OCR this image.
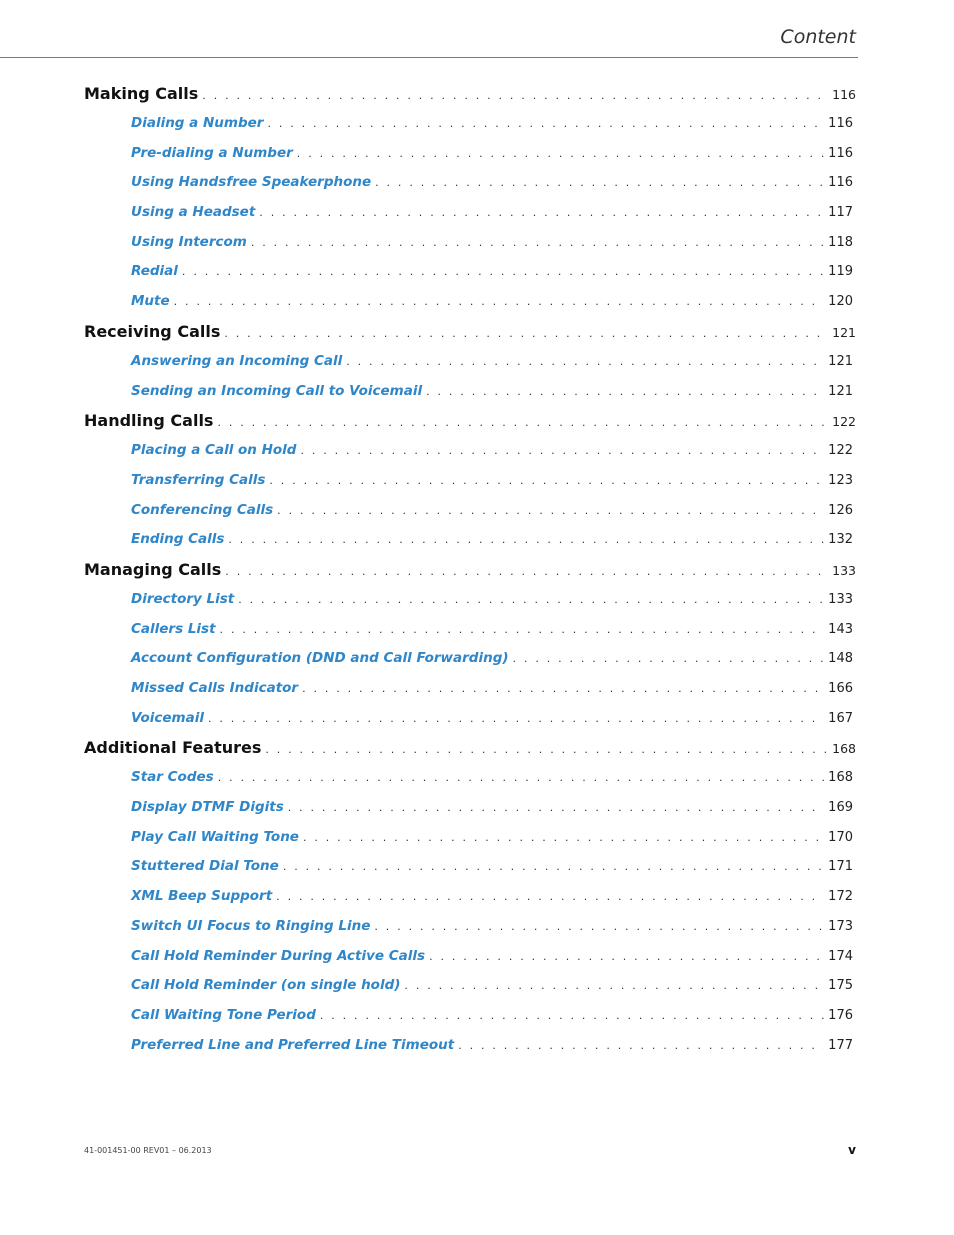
Content
Making Calls . . .	116
Dialing a Number . . .	116
Pre-dialing a Number . . .	116
Using Handsfree Speakerphone . . .	116
Using a Headset . . .	117
Using Intercom . . .	118
Redial . . .	119
Mute . . .	120
Receiving Calls . . .	121
Answering an Incoming Call . . .	121
Sending an Incoming Call to Voicemail . . .	121
Handling Calls . . .	122
Placing a Call on Hold . . .	122
Transferring Calls . . .	123
Conferencing Calls . . .	126
Ending Calls . . .	132
Managing Calls . . .	133
Directory List . . .	133
Callers List . . .	143
Account Configuration (DND and Call Forwarding) . . .	148
Missed Calls Indicator . . .	166
Voicemail . . .	167
Additional Features . . .	168
Star Codes . . .	168
Display DTMF Digits . . .	169
Play Call Waiting Tone . . .	170
Stuttered Dial Tone . . .	171
XML Beep Support . . .	172
Switch UI Focus to Ringing Line . . .	173
Call Hold Reminder During Active Calls . . .	174
Call Hold Reminder (on single hold) . . .	175
Call Waiting Tone Period . . .	176
Preferred Line and Preferred Line Timeout . . .	177
41-001451-00 REV01 – 06.2013	v
